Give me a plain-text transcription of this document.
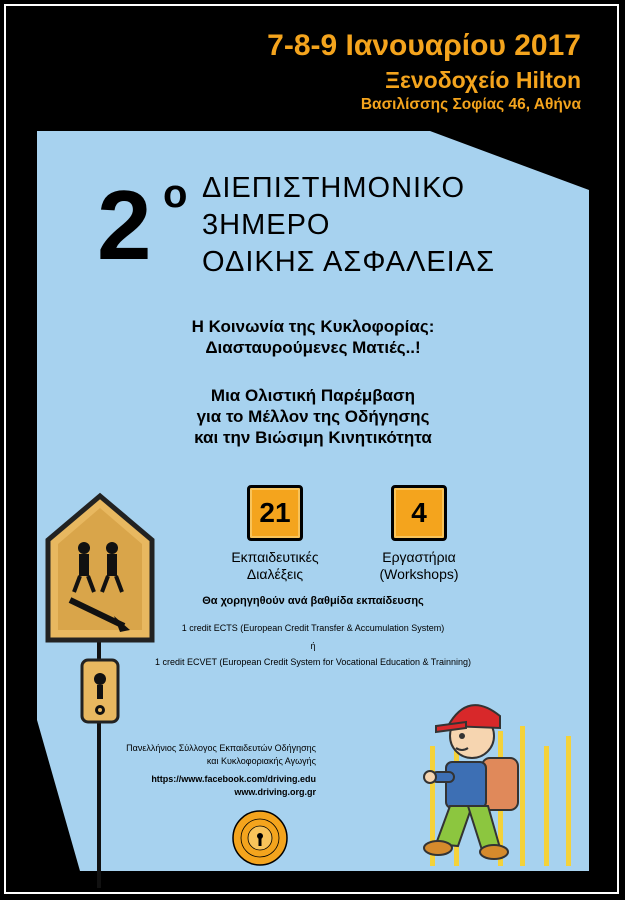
7-8-9 Ιανουαρίου 2017
Ξενοδοχείο Hilton
Βασιλίσσης Σοφίας 46, Αθήνα
2 ο ΔΙΕΠΙΣΤΗΜΟΝΙΚΟ
3ΗΜΕΡΟ
ΟΔΙΚΗΣ ΑΣΦΑΛΕΙΑΣ
Η Κοινωνία της Κυκλοφορίας:
Διασταυρούμενες Ματιές..!
Μια Ολιστική Παρέμβαση
για το Μέλλον της Οδήγησης
και την Βιώσιμη Κινητικότητα
21
Εκπαιδευτικές
Διαλέξεις
4
Εργαστήρια
(Workshops)
Θα χορηγηθούν ανά βαθμίδα εκπαίδευσης
1 credit ECTS (European Credit Transfer & Accumulation System)
ή
1 credit ECVET (European Credit System for Vocational Education & Trainning)
Πανελλήνιος Σύλλογος Εκπαιδευτών Οδήγησης
και Κυκλοφοριακής Αγωγής
https://www.facebook.com/driving.edu
www.driving.org.gr
